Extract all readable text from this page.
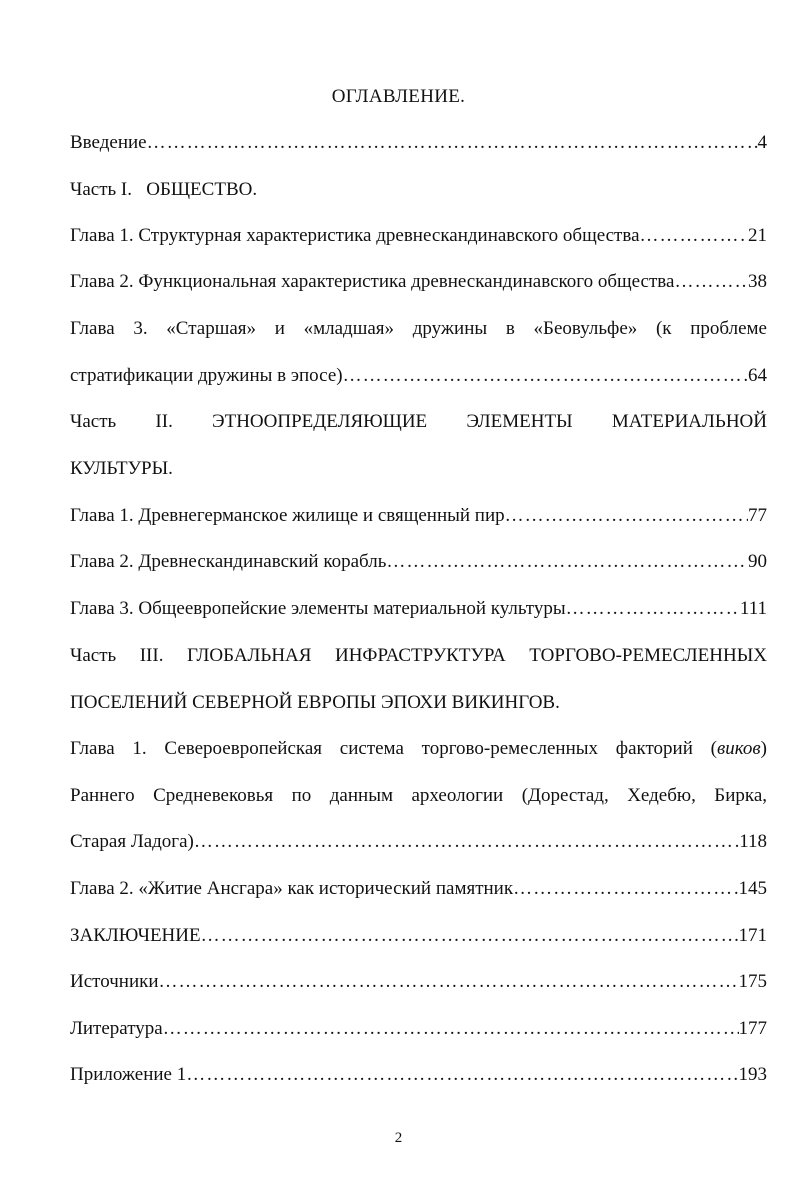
ОГЛАВЛЕНИЕ.
Введение …………………………………………………………………………………………………………………………………………………………………………………………………	4
Часть I.   ОБЩЕСТВО.
Глава 1. Структурная характеристика древнескандинавского общества …………………………………………………………………………………………………………………………………………………………………………………………………	21
Глава 2. Функциональная характеристика древнескандинавского общества …………………………………………………………………………………………………………………………………………………………………………………………………	38
Глава 3. «Старшая» и «младшая» дружины в «Беовульфе» (к проблеме
стратификации дружины в эпосе) …………………………………………………………………………………………………………………………………………………………………………………………………	64
Часть II. ЭТНООПРЕДЕЛЯЮЩИЕ ЭЛЕМЕНТЫ МАТЕРИАЛЬНОЙ
КУЛЬТУРЫ.
Глава 1. Древнегерманское жилище и священный пир …………………………………………………………………………………………………………………………………………………………………………………………………	77
Глава 2. Древнескандинавский корабль …………………………………………………………………………………………………………………………………………………………………………………………………	90
Глава 3. Общеевропейские элементы материальной культуры …………………………………………………………………………………………………………………………………………………………………………………………………	111
Часть III. ГЛОБАЛЬНАЯ ИНФРАСТРУКТУРА ТОРГОВО-РЕМЕСЛЕННЫХ
ПОСЕЛЕНИЙ СЕВЕРНОЙ ЕВРОПЫ ЭПОХИ ВИКИНГОВ.
Глава 1. Североевропейская система торгово-ремесленных факторий (виков)
Раннего Средневековья по данным археологии (Дорестад, Хедебю, Бирка,
Старая Ладога) …………………………………………………………………………………………………………………………………………………………………………………………………	118
Глава 2. «Житие Ансгара» как исторический памятник …………………………………………………………………………………………………………………………………………………………………………………………………	145
ЗАКЛЮЧЕНИЕ …………………………………………………………………………………………………………………………………………………………………………………………………	171
Источники …………………………………………………………………………………………………………………………………………………………………………………………………	175
Литература …………………………………………………………………………………………………………………………………………………………………………………………………	177
Приложение 1 …………………………………………………………………………………………………………………………………………………………………………………………………	193
2
